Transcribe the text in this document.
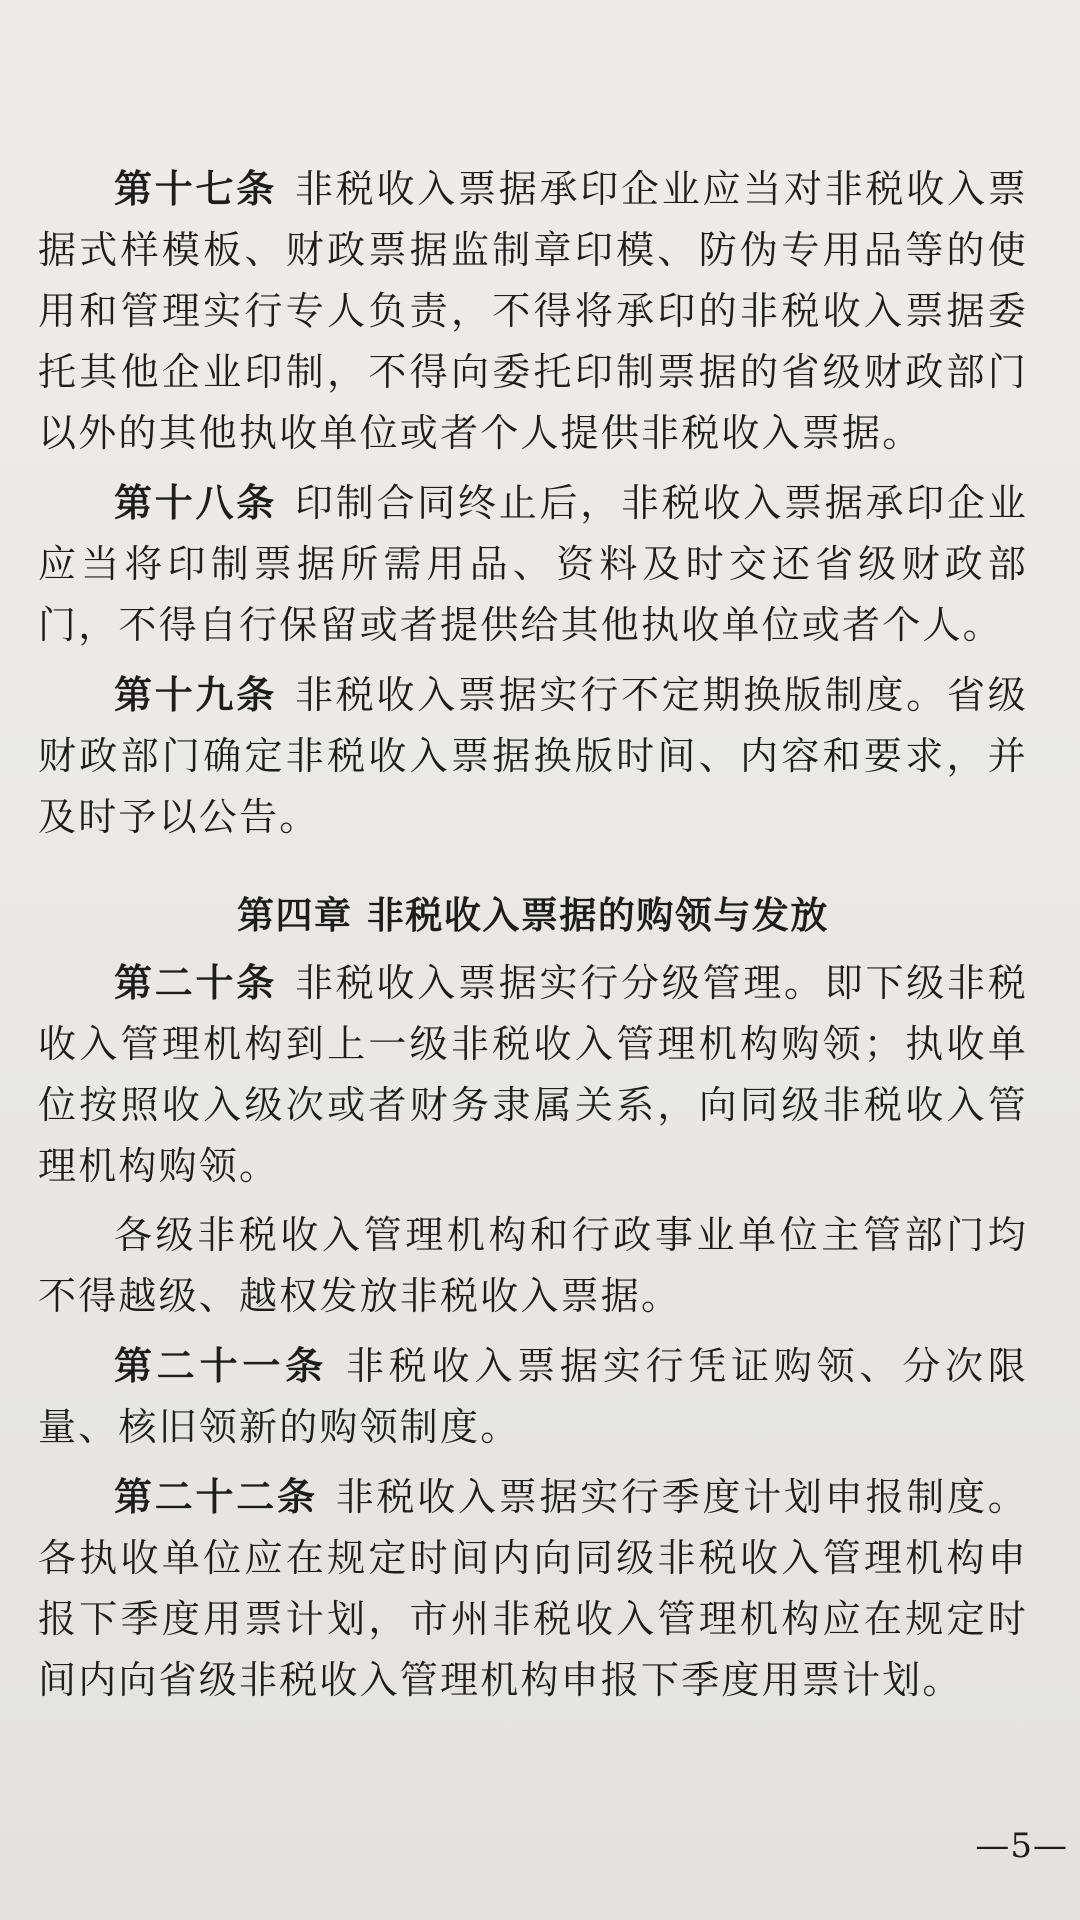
第十七条 非税收入票据承印企业应当对非税收入票据式样模板、财政票据监制章印模、防伪专用品等的使用和管理实行专人负责，不得将承印的非税收入票据委托其他企业印制，不得向委托印制票据的省级财政部门以外的其他执收单位或者个人提供非税收入票据。

第十八条 印制合同终止后，非税收入票据承印企业应当将印制票据所需用品、资料及时交还省级财政部门，不得自行保留或者提供给其他执收单位或者个人。

第十九条 非税收入票据实行不定期换版制度。省级财政部门确定非税收入票据换版时间、内容和要求，并及时予以公告。

第四章 非税收入票据的购领与发放

第二十条 非税收入票据实行分级管理。即下级非税收入管理机构到上一级非税收入管理机构购领；执收单位按照收入级次或者财务隶属关系，向同级非税收入管理机构购领。

各级非税收入管理机构和行政事业单位主管部门均不得越级、越权发放非税收入票据。

第二十一条 非税收入票据实行凭证购领、分次限量、核旧领新的购领制度。

第二十二条 非税收入票据实行季度计划申报制度。各执收单位应在规定时间内向同级非税收入管理机构申报下季度用票计划，市州非税收入管理机构应在规定时间内向省级非税收入管理机构申报下季度用票计划。

—5—
